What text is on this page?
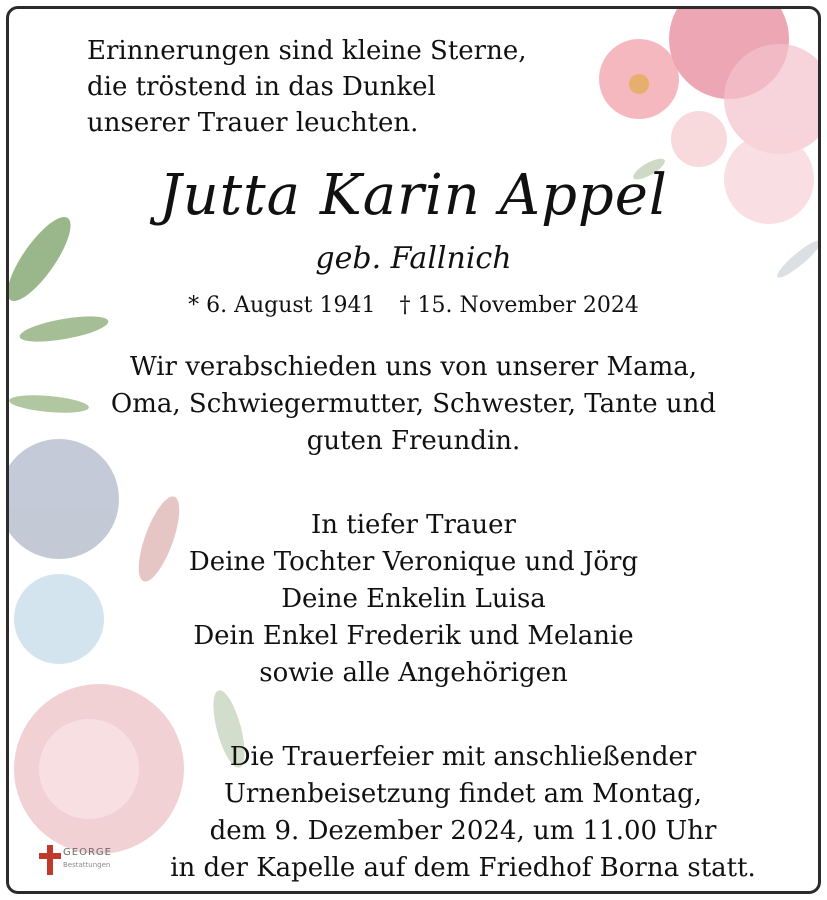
Erinnerungen sind kleine Sterne,
die tröstend in das Dunkel
unserer Trauer leuchten.
Jutta Karin Appel
geb. Fallnich
* 6. August 1941 † 15. November 2024
Wir verabschieden uns von unserer Mama,
Oma, Schwiegermutter, Schwester, Tante und
guten Freundin.
In tiefer Trauer
Deine Tochter Veronique und Jörg
Deine Enkelin Luisa
Dein Enkel Frederik und Melanie
sowie alle Angehörigen
Die Trauerfeier mit anschließender
Urnenbeisetzung findet am Montag,
dem 9. Dezember 2024, um 11.00 Uhr
in der Kapelle auf dem Friedhof Borna statt.
GEORGE
Bestattungen
